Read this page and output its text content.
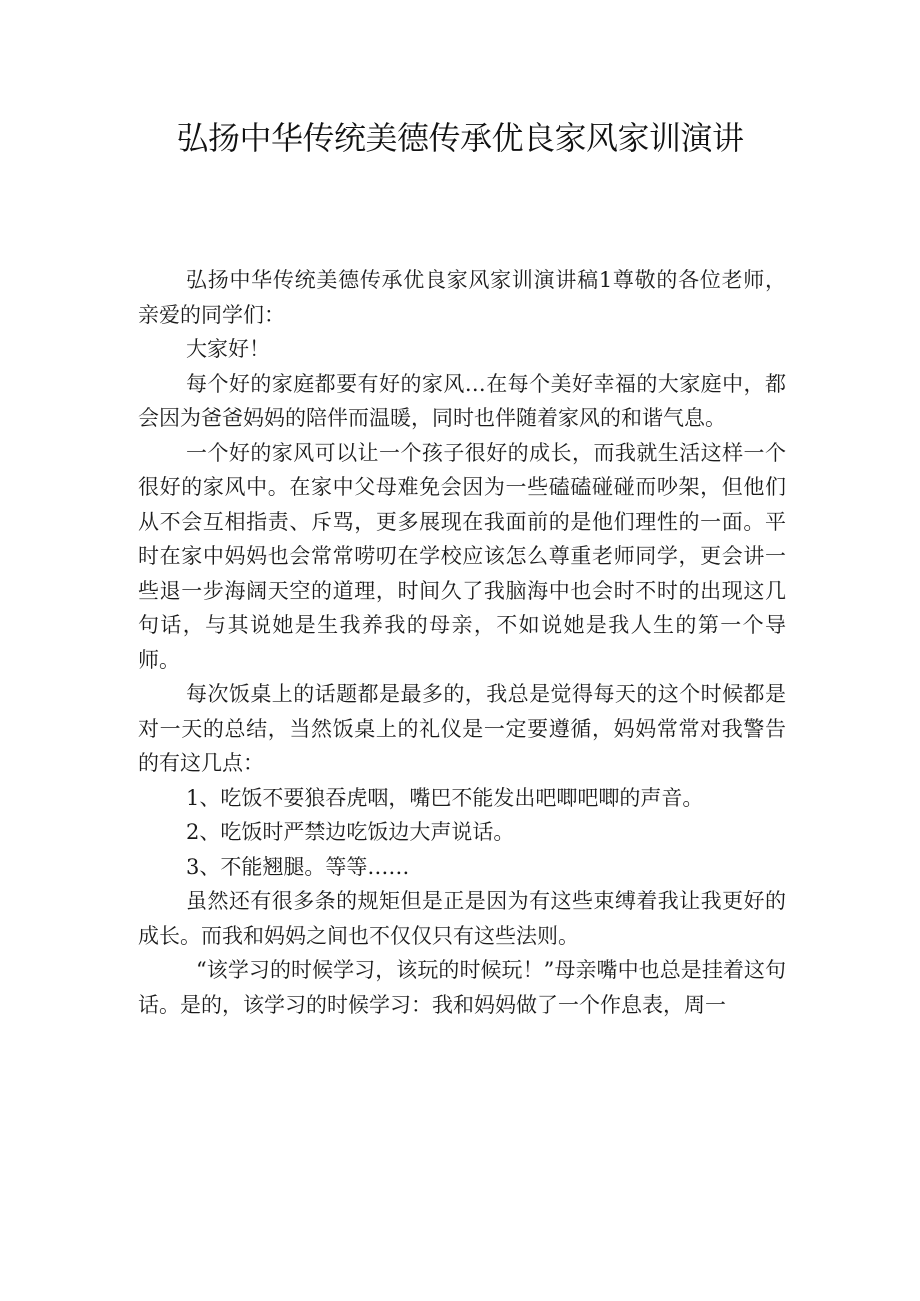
弘扬中华传统美德传承优良家风家训演讲

弘扬中华传统美德传承优良家风家训演讲稿1尊敬的各位老师，亲爱的同学们：

大家好！

每个好的家庭都要有好的家风…在每个美好幸福的大家庭中，都会因为爸爸妈妈的陪伴而温暖，同时也伴随着家风的和谐气息。

一个好的家风可以让一个孩子很好的成长，而我就生活这样一个很好的家风中。在家中父母难免会因为一些磕磕碰碰而吵架，但他们从不会互相指责、斥骂，更多展现在我面前的是他们理性的一面。平时在家中妈妈也会常常唠叨在学校应该怎么尊重老师同学，更会讲一些退一步海阔天空的道理，时间久了我脑海中也会时不时的出现这几句话，与其说她是生我养我的母亲，不如说她是我人生的第一个导师。

每次饭桌上的话题都是最多的，我总是觉得每天的这个时候都是对一天的总结，当然饭桌上的礼仪是一定要遵循，妈妈常常对我警告的有这几点：

1、吃饭不要狼吞虎咽，嘴巴不能发出吧唧吧唧的声音。

2、吃饭时严禁边吃饭边大声说话。

3、不能翘腿。等等……

虽然还有很多条的规矩但是正是因为有这些束缚着我让我更好的成长。而我和妈妈之间也不仅仅只有这些法则。

“该学习的时候学习，该玩的时候玩！”母亲嘴中也总是挂着这句话。是的，该学习的时候学习：我和妈妈做了一个作息表，周一
